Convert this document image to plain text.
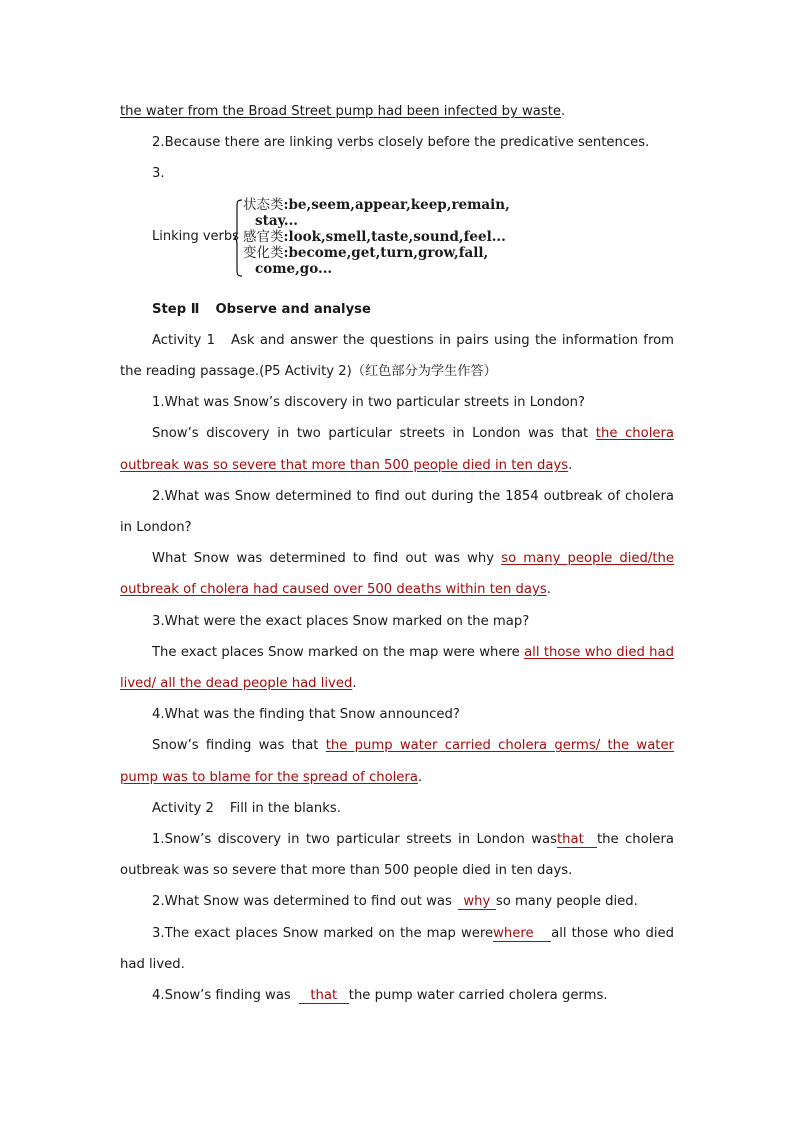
the water from the Broad Street pump had been infected by waste.
2.Because there are linking verbs closely before the predicative sentences.
3.
Linking verbs
状态类:be,seem,appear,keep,remain,
stay...
感官类:look,smell,taste,sound,feel...
变化类:become,get,turn,grow,fall,
come,go...
Step Ⅱ Observe and analyse
Activity 1 Ask and answer the questions in pairs using the information from
the reading passage.(P5 Activity 2)（红色部分为学生作答）
1.What was Snow’s discovery in two particular streets in London?
Snow’s discovery in two particular streets in London was that the cholera
outbreak was so severe that more than 500 people died in ten days.
2.What was Snow determined to find out during the 1854 outbreak of cholera
in London?
What Snow was determined to find out was why so many people died/the
outbreak of cholera had caused over 500 deaths within ten days.
3.What were the exact places Snow marked on the map?
The exact places Snow marked on the map were where all those who died had
lived/ all the dead people had lived.
4.What was the finding that Snow announced?
Snow’s finding was that the pump water carried cholera germs/ the water
pump was to blame for the spread of cholera.
Activity 2 Fill in the blanks.
1.Snow’s discovery in two particular streets in London wasthat the cholera
outbreak was so severe that more than 500 people died in ten days.
2.What Snow was determined to find out was why so many people died.
3.The exact places Snow marked on the map werewhere all those who died
had lived.
4.Snow’s finding was that the pump water carried cholera germs.
